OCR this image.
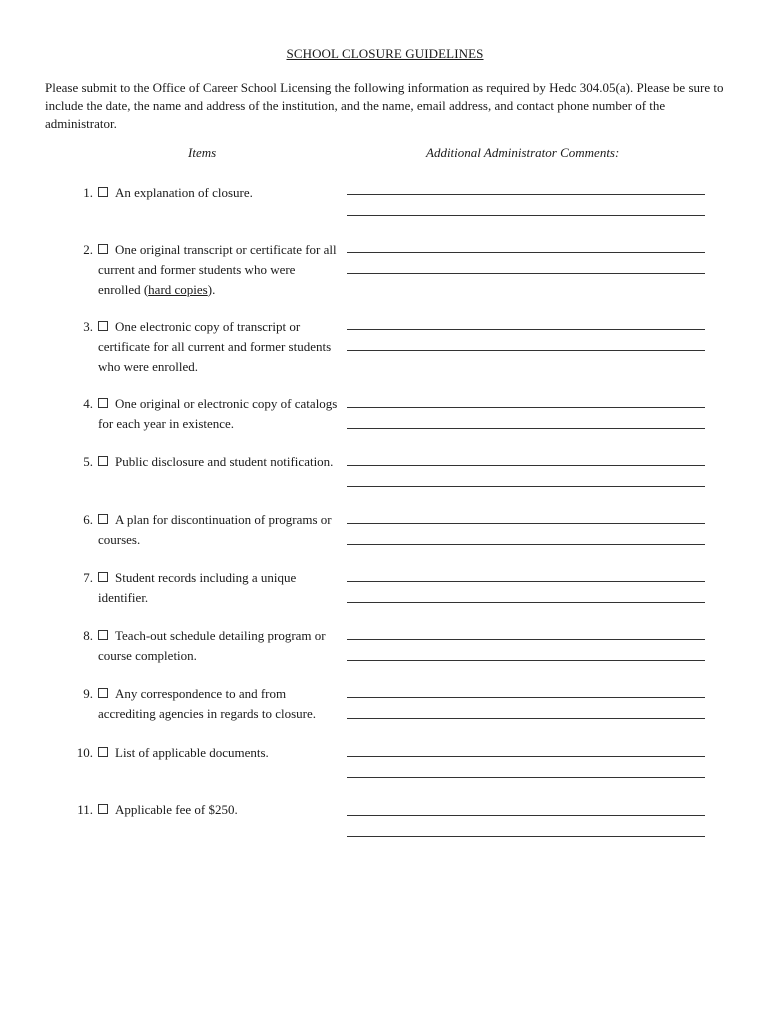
SCHOOL CLOSURE GUIDELINES
Please submit to the Office of Career School Licensing the following information as required by Hedc 304.05(a). Please be sure to include the date, the name and address of the institution, and the name, email address, and contact phone number of the administrator.
Items	Additional Administrator Comments:
1.	An explanation of closure.
2.	One original transcript or certificate for all current and former students who were enrolled (hard copies).
3.	One electronic copy of transcript or certificate for all current and former students who were enrolled.
4.	One original or electronic copy of catalogs for each year in existence.
5.	Public disclosure and student notification.
6.	A plan for discontinuation of programs or courses.
7.	Student records including a unique identifier.
8.	Teach-out schedule detailing program or course completion.
9.	Any correspondence to and from accrediting agencies in regards to closure.
10.	List of applicable documents.
11.	Applicable fee of $250.
